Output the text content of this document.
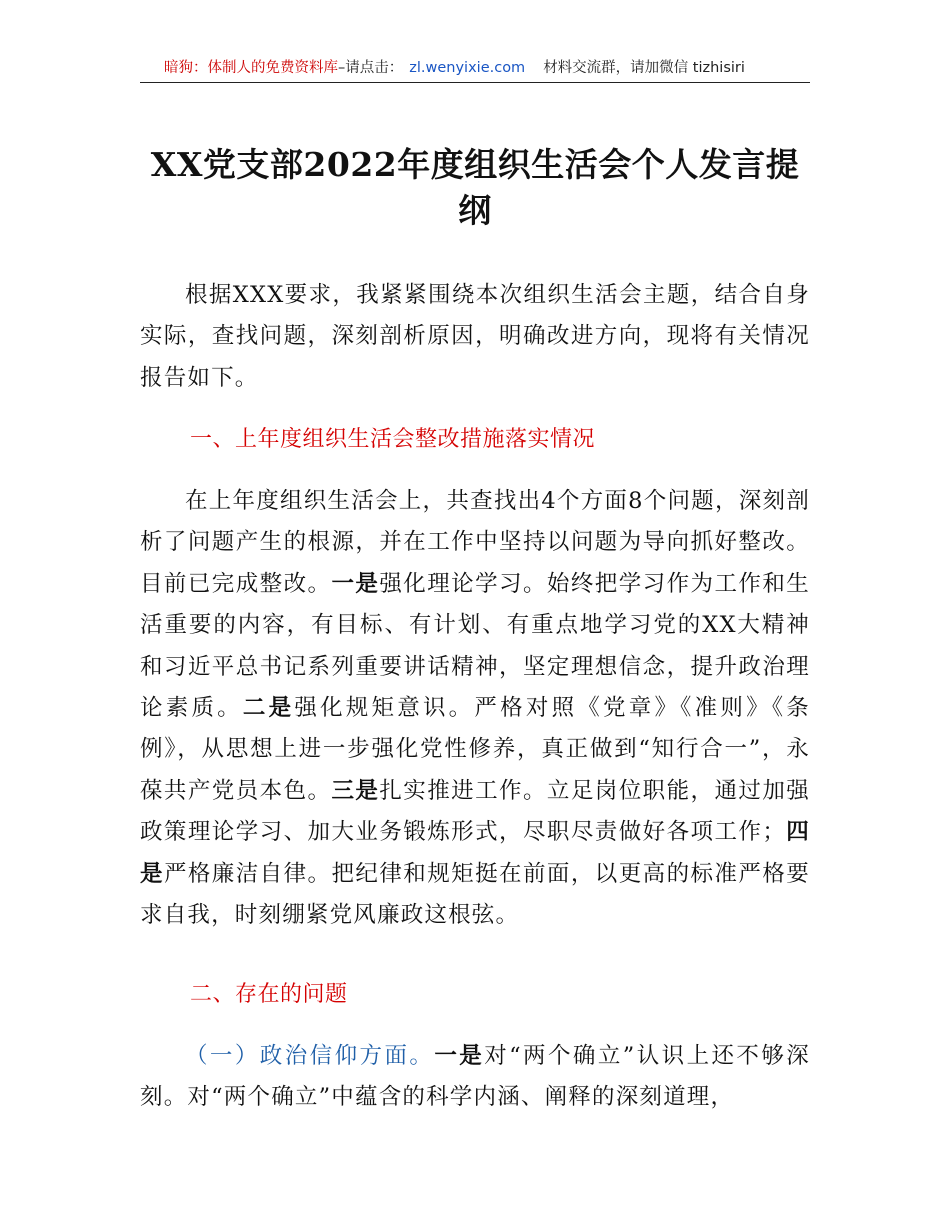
暗狗：体制人的免费资料库–请点击： zl.wenyixie.com 材料交流群，请加微信 tizhisiri
XX党支部2022年度组织生活会个人发言提纲

根据XXX要求，我紧紧围绕本次组织生活会主题，结合自身实际，查找问题，深刻剖析原因，明确改进方向，现将有关情况报告如下。

一、上年度组织生活会整改措施落实情况

在上年度组织生活会上，共查找出4个方面8个问题，深刻剖析了问题产生的根源，并在工作中坚持以问题为导向抓好整改。目前已完成整改。一是强化理论学习。始终把学习作为工作和生活重要的内容，有目标、有计划、有重点地学习党的XX大精神和习近平总书记系列重要讲话精神，坚定理想信念，提升政治理论素质。二是强化规矩意识。严格对照《党章》《准则》《条例》，从思想上进一步强化党性修养，真正做到“知行合一”，永葆共产党员本色。三是扎实推进工作。立足岗位职能，通过加强政策理论学习、加大业务锻炼形式，尽职尽责做好各项工作；四是严格廉洁自律。把纪律和规矩挺在前面，以更高的标准严格要求自我，时刻绷紧党风廉政这根弦。

二、存在的问题

（一）政治信仰方面。一是对“两个确立”认识上还不够深刻。对“两个确立”中蕴含的科学内涵、阐释的深刻道理，
